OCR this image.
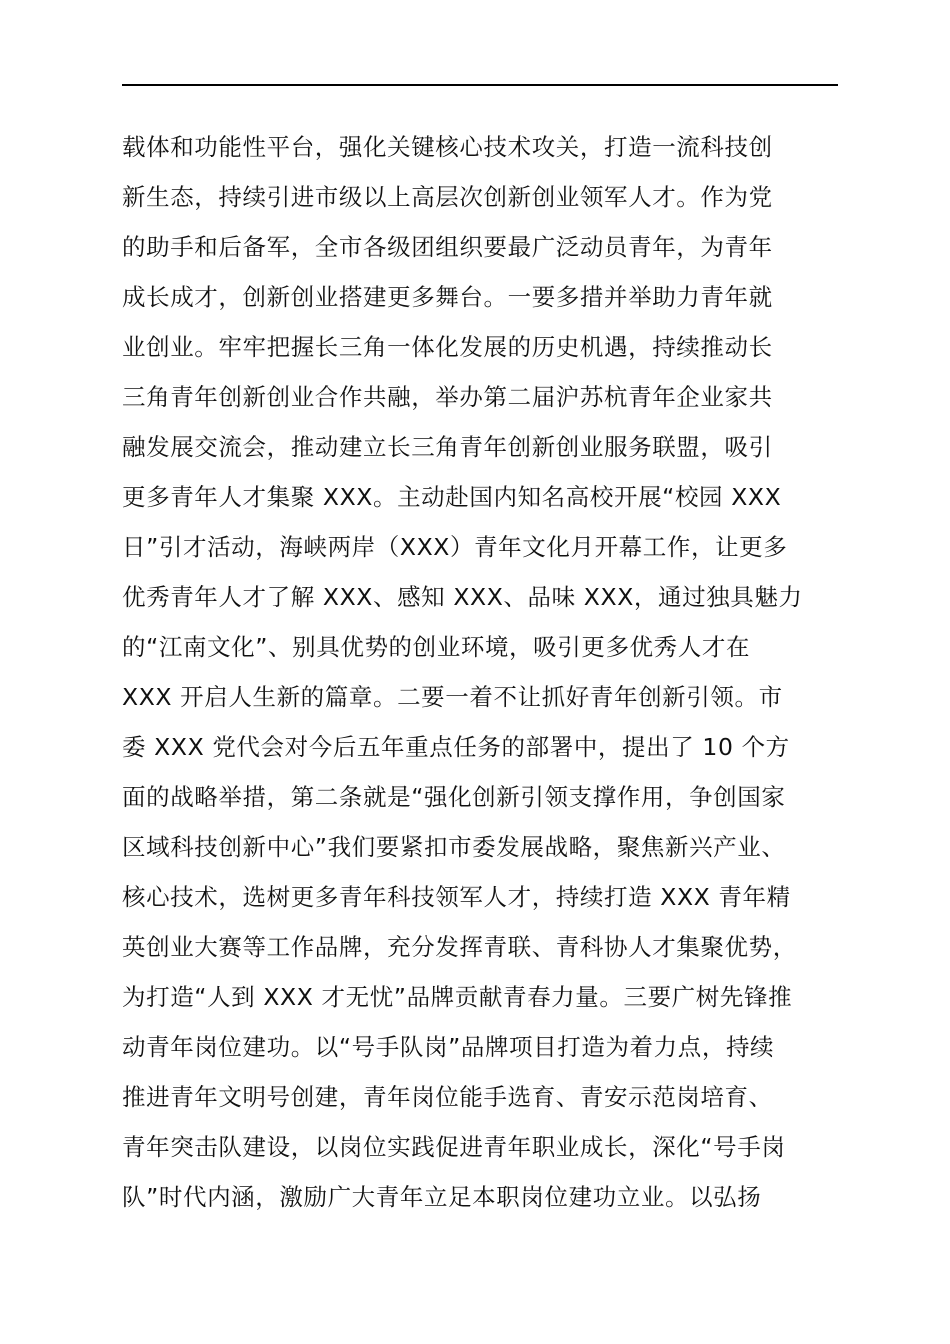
载体和功能性平台，强化关键核心技术攻关，打造一流科技创
新生态，持续引进市级以上高层次创新创业领军人才。作为党
的助手和后备军，全市各级团组织要最广泛动员青年，为青年
成长成才，创新创业搭建更多舞台。一要多措并举助力青年就
业创业。牢牢把握长三角一体化发展的历史机遇，持续推动长
三角青年创新创业合作共融，举办第二届沪苏杭青年企业家共
融发展交流会，推动建立长三角青年创新创业服务联盟，吸引
更多青年人才集聚 XXX。主动赴国内知名高校开展“校园 XXX
日”引才活动，海峡两岸（XXX）青年文化月开幕工作，让更多
优秀青年人才了解 XXX、感知 XXX、品味 XXX，通过独具魅力
的“江南文化”、别具优势的创业环境，吸引更多优秀人才在
XXX 开启人生新的篇章。二要一着不让抓好青年创新引领。市
委 XXX 党代会对今后五年重点任务的部署中，提出了 10 个方
面的战略举措，第二条就是“强化创新引领支撑作用，争创国家
区域科技创新中心”我们要紧扣市委发展战略，聚焦新兴产业、
核心技术，选树更多青年科技领军人才，持续打造 XXX 青年精
英创业大赛等工作品牌，充分发挥青联、青科协人才集聚优势，
为打造“人到 XXX 才无忧”品牌贡献青春力量。三要广树先锋推
动青年岗位建功。以“号手队岗”品牌项目打造为着力点，持续
推进青年文明号创建，青年岗位能手选育、青安示范岗培育、
青年突击队建设，以岗位实践促进青年职业成长，深化“号手岗
队”时代内涵，激励广大青年立足本职岗位建功立业。以弘扬
